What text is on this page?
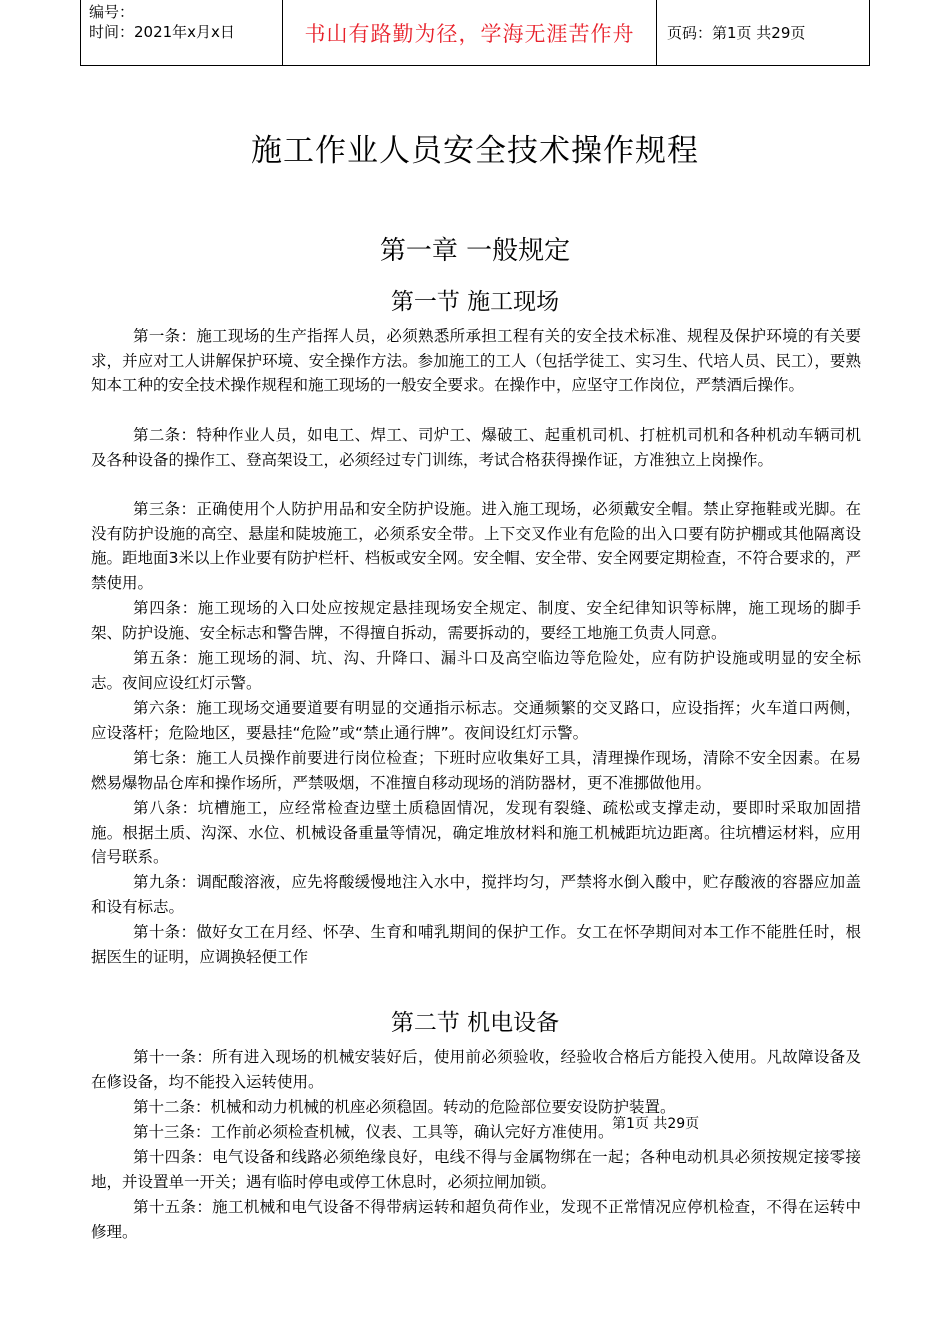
编号：
时间：2021年x月x日	书山有路勤为径，学海无涯苦作舟	页码：第1页 共29页
施工作业人员安全技术操作规程
第一章 一般规定
第一节 施工现场

第一条：施工现场的生产指挥人员，必须熟悉所承担工程有关的安全技术标准、规程及保护环境的有关要求，并应对工人讲解保护环境、安全操作方法。参加施工的工人（包括学徒工、实习生、代培人员、民工），要熟知本工种的安全技术操作规程和施工现场的一般安全要求。在操作中，应坚守工作岗位，严禁酒后操作。

第二条：特种作业人员，如电工、焊工、司炉工、爆破工、起重机司机、打桩机司机和各种机动车辆司机及各种设备的操作工、登高架设工，必须经过专门训练，考试合格获得操作证，方准独立上岗操作。

第三条：正确使用个人防护用品和安全防护设施。进入施工现场，必须戴安全帽。禁止穿拖鞋或光脚。在没有防护设施的高空、悬崖和陡坡施工，必须系安全带。上下交叉作业有危险的出入口要有防护棚或其他隔离设施。距地面3米以上作业要有防护栏杆、档板或安全网。安全帽、安全带、安全网要定期检查，不符合要求的，严禁使用。

第四条：施工现场的入口处应按规定悬挂现场安全规定、制度、安全纪律知识等标牌，施工现场的脚手架、防护设施、安全标志和警告牌，不得擅自拆动，需要拆动的，要经工地施工负责人同意。

第五条：施工现场的洞、坑、沟、升降口、漏斗口及高空临边等危险处，应有防护设施或明显的安全标志。夜间应设红灯示警。

第六条：施工现场交通要道要有明显的交通指示标志。交通频繁的交叉路口，应设指挥；火车道口两侧，应设落杆；危险地区，要悬挂“危险”或“禁止通行牌”。夜间设红灯示警。

第七条：施工人员操作前要进行岗位检查；下班时应收集好工具，清理操作现场，清除不安全因素。在易燃易爆物品仓库和操作场所，严禁吸烟，不准擅自移动现场的消防器材，更不准挪做他用。

第八条：坑槽施工，应经常检查边壁土质稳固情况，发现有裂缝、疏松或支撑走动，要即时采取加固措施。根据土质、沟深、水位、机械设备重量等情况，确定堆放材料和施工机械距坑边距离。往坑槽运材料，应用信号联系。

第九条：调配酸溶液，应先将酸缓慢地注入水中，搅拌均匀，严禁将水倒入酸中，贮存酸液的容器应加盖和设有标志。

第十条：做好女工在月经、怀孕、生育和哺乳期间的保护工作。女工在怀孕期间对本工作不能胜任时，根据医生的证明，应调换轻便工作

第二节 机电设备

第十一条：所有进入现场的机械安装好后，使用前必须验收，经验收合格后方能投入使用。凡故障设备及在修设备，均不能投入运转使用。

第十二条：机械和动力机械的机座必须稳固。转动的危险部位要安设防护装置。

第十三条：工作前必须检查机械，仪表、工具等，确认完好方准使用。

第十四条：电气设备和线路必须绝缘良好，电线不得与金属物绑在一起；各种电动机具必须按规定接零接地，并设置单一开关；遇有临时停电或停工休息时，必须拉闸加锁。

第十五条：施工机械和电气设备不得带病运转和超负荷作业，发现不正常情况应停机检查，不得在运转中修理。

第1页 共29页
